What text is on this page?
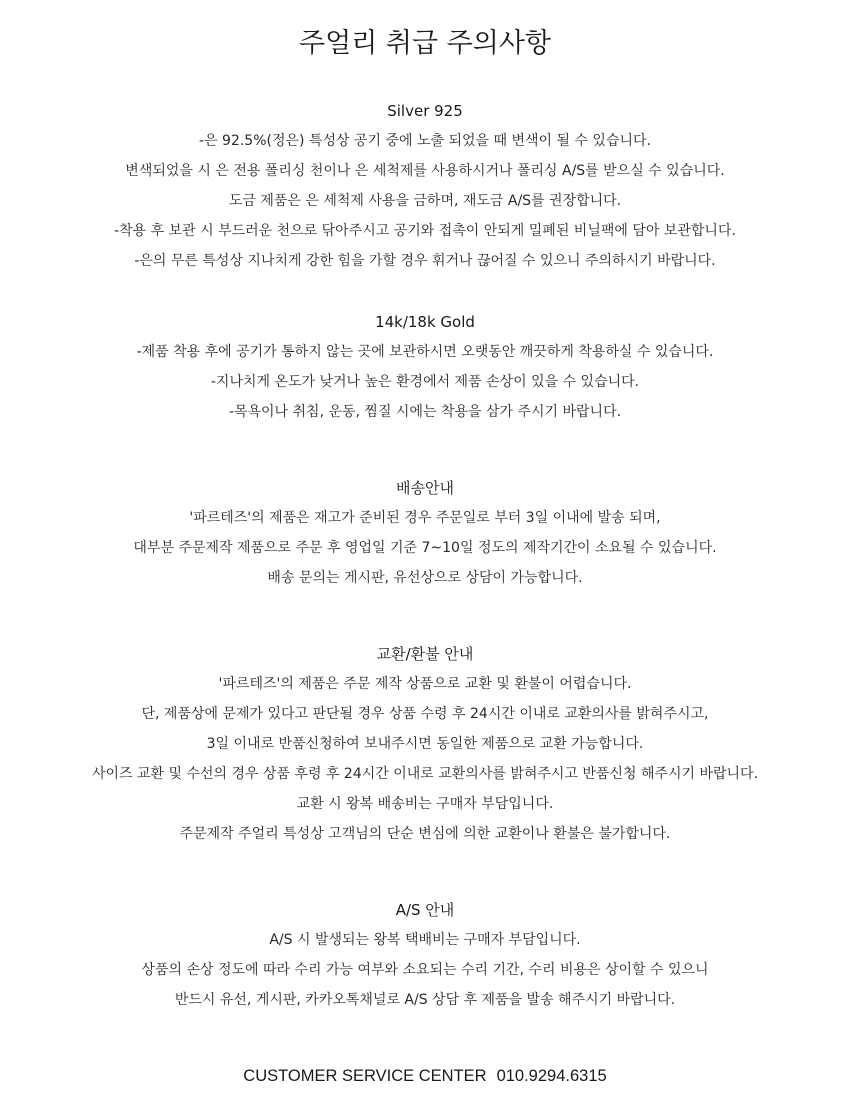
주얼리 취급 주의사항
Silver 925
-은 92.5%(정은) 특성상 공기 중에 노출 되었을 때 변색이 될 수 있습니다.
변색되었을 시 은 전용 폴리싱 천이나 은 세척제를 사용하시거나 폴리싱 A/S를 받으실 수 있습니다.
도금 제품은 은 세척제 사용을 금하며, 재도금 A/S를 권장합니다.
-착용 후 보관 시 부드러운 천으로 닦아주시고 공기와 접촉이 안되게 밀폐된 비닐팩에 담아 보관합니다.
-은의 무른 특성상 지나치게 강한 힘을 가할 경우 휘거나 끊어질 수 있으니 주의하시기 바랍니다.
14k/18k Gold
-제품 착용 후에 공기가 통하지 않는 곳에 보관하시면 오랫동안 깨끗하게 착용하실 수 있습니다.
-지나치게 온도가 낮거나 높은 환경에서 제품 손상이 있을 수 있습니다.
-목욕이나 취침, 운동, 찜질 시에는 착용을 삼가 주시기 바랍니다.
배송안내
'파르테즈'의 제품은 재고가 준비된 경우 주문일로 부터 3일 이내에 발송 되며,
대부분 주문제작 제품으로 주문 후 영업일 기준 7~10일 정도의 제작기간이 소요될 수 있습니다.
배송 문의는 게시판, 유선상으로 상담이 가능합니다.
교환/환불 안내
'파르테즈'의 제품은 주문 제작 상품으로 교환 및 환불이 어렵습니다.
단, 제품상에 문제가 있다고 판단될 경우 상품 수령 후 24시간 이내로 교환의사를 밝혀주시고,
3일 이내로 반품신청하여 보내주시면 동일한 제품으로 교환 가능합니다.
사이즈 교환 및 수선의 경우 상품 후령 후 24시간 이내로 교환의사를 밝혀주시고 반품신청 해주시기 바랍니다.
교환 시 왕복 배송비는 구매자 부담입니다.
주문제작 주얼리 특성상 고객님의 단순 변심에 의한 교환이나 환불은 불가합니다.
A/S 안내
A/S 시 발생되는 왕복 택배비는 구매자 부담입니다.
상품의 손상 정도에 따라 수리 가능 여부와 소요되는 수리 기간, 수리 비용은 상이할 수 있으니
반드시 유선, 게시판, 카카오톡채널로 A/S 상담 후 제품을 발송 해주시기 바랍니다.
CUSTOMER SERVICE CENTER 010.9294.6315
